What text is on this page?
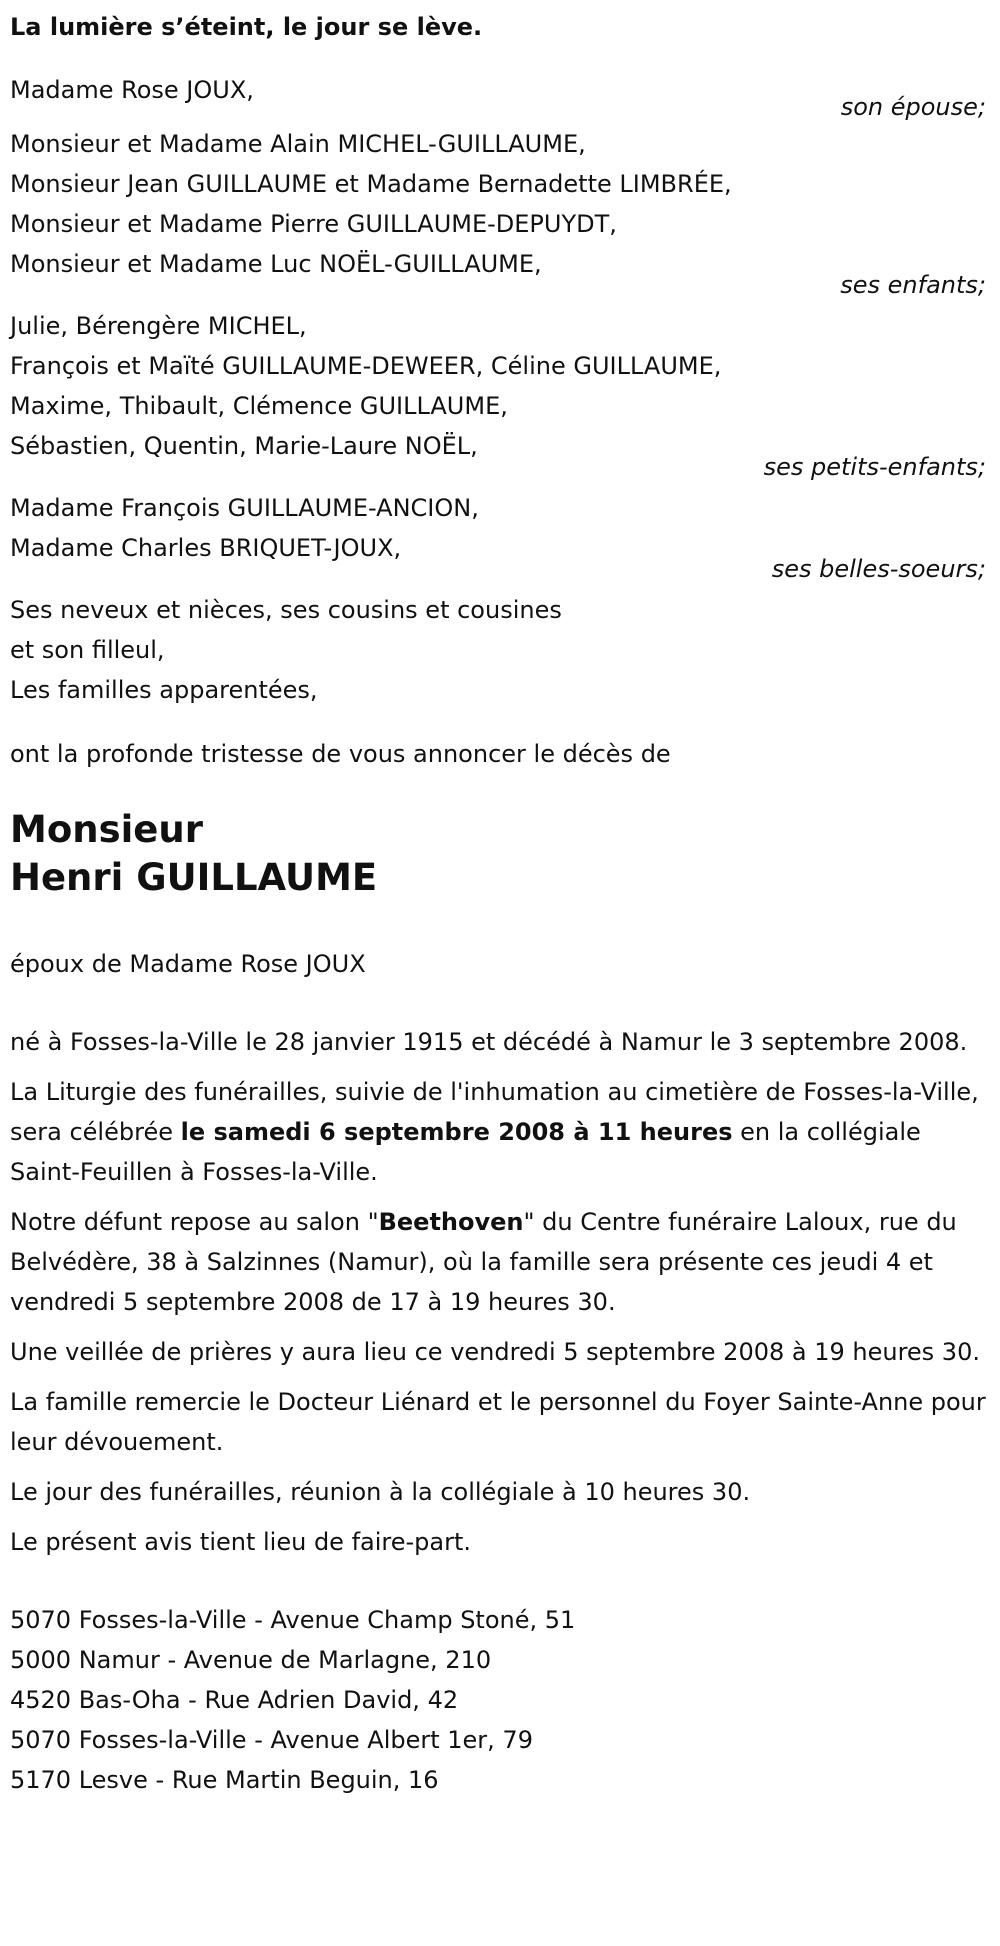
La lumière s’éteint, le jour se lève.

Madame Rose JOUX,

son épouse;

Monsieur et Madame Alain MICHEL-GUILLAUME,

Monsieur Jean GUILLAUME et Madame Bernadette LIMBRÉE,

Monsieur et Madame Pierre GUILLAUME-DEPUYDT,

Monsieur et Madame Luc NOËL-GUILLAUME,

ses enfants;

Julie, Bérengère MICHEL,

François et Maïté GUILLAUME-DEWEER, Céline GUILLAUME,

Maxime, Thibault, Clémence GUILLAUME,

Sébastien, Quentin, Marie-Laure NOËL,

ses petits-enfants;

Madame François GUILLAUME-ANCION,

Madame Charles BRIQUET-JOUX,

ses belles-soeurs;

Ses neveux et nièces, ses cousins et cousines

et son filleul,

Les familles apparentées,

ont la profonde tristesse de vous annoncer le décès de

Monsieur

Henri GUILLAUME

époux de Madame Rose JOUX

né à Fosses-la-Ville le 28 janvier 1915 et décédé à Namur le 3 septembre 2008.

La Liturgie des funérailles, suivie de l'inhumation au cimetière de Fosses-la-Ville, sera célébrée le samedi 6 septembre 2008 à 11 heures en la collégiale Saint-Feuillen à Fosses-la-Ville.

Notre défunt repose au salon "Beethoven" du Centre funéraire Laloux, rue du Belvédère, 38 à Salzinnes (Namur), où la famille sera présente ces jeudi 4 et vendredi 5 septembre 2008 de 17 à 19 heures 30.

Une veillée de prières y aura lieu ce vendredi 5 septembre 2008 à 19 heures 30.

La famille remercie le Docteur Liénard et le personnel du Foyer Sainte-Anne pour leur dévouement.

Le jour des funérailles, réunion à la collégiale à 10 heures 30.

Le présent avis tient lieu de faire-part.

5070 Fosses-la-Ville - Avenue Champ Stoné, 51

5000 Namur - Avenue de Marlagne, 210

4520 Bas-Oha - Rue Adrien David, 42

5070 Fosses-la-Ville - Avenue Albert 1er, 79

5170 Lesve - Rue Martin Beguin, 16
